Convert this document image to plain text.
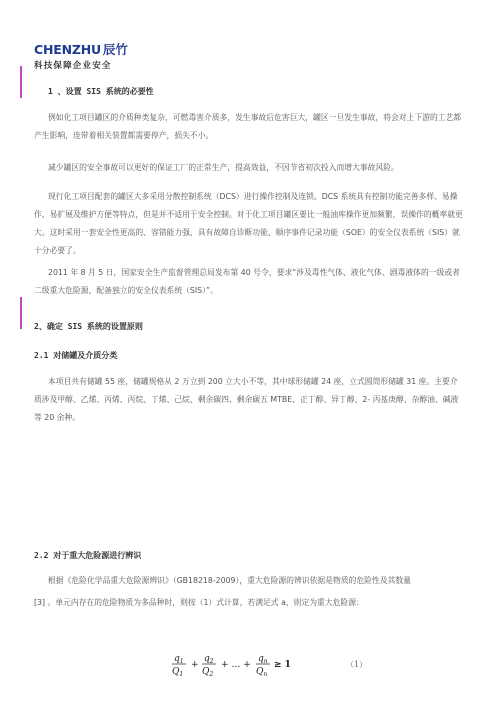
CHENZHU 辰竹
科技保障企业安全
1 、设置 SIS 系统的必要性
例如化工项目罐区的介质种类复杂，可燃毒害介质多，发生事故后危害巨大，罐区一旦发生事故，将会对上下游的工艺都产生影响，连带着相关装置都需要停产，损失不小。
减少罐区的安全事故可以更好的保证工厂的正常生产，提高效益，不因节省初次投入而增大事故风险。
现行化工项目配套的罐区大多采用分散控制系统（DCS）进行操作控制及连锁。DCS 系统具有控制功能完善多样、易操作、易扩展及维护方便等特点，但是并不适用于安全控制。对于化工项目罐区要比一般油库操作更加频繁，误操作的概率就更大。这时采用一套安全性更高的、容错能力强、具有故障自诊断功能、顺序事件记录功能（SOE）的安全仪表系统（SIS）就十分必要了。
2011 年 8 月 5 日，国家安全生产监督管理总局发布第 40 号令，要求“涉及毒性气体、液化气体、剧毒液体的一级或者二级重大危险源，配备独立的安全仪表系统（SIS）”。
2、确定 SIS 系统的设置原则
2.1 对储罐及介质分类
本项目共有储罐 55 座，储罐规格从 2 万立到 200 立大小不等，其中球形储罐 24 座，立式圆筒形储罐 31 座。主要介质涉及甲醇、乙烯、丙烯、丙烷、丁烯、己烷、剩余碳四、剩余碳五 MTBE、正丁醇、异丁醇、2- 丙基庚醇、杂醇油、碱液等 20 余种。
2.2 对于重大危险源进行辨识
根据《危险化学品重大危险源辨识》（GB18218-2009），重大危险源的辨识依据是物质的危险性及其数量
[3] 。单元内存在的危险物质为多品种时，则按（1）式计算，若满足式 a，则定为重大危险源：
$q_1$
$Q_1$
+
$q_2$
$Q_2$
+ … +
$q_n$
$Q_n$
≥ 1	（1）
